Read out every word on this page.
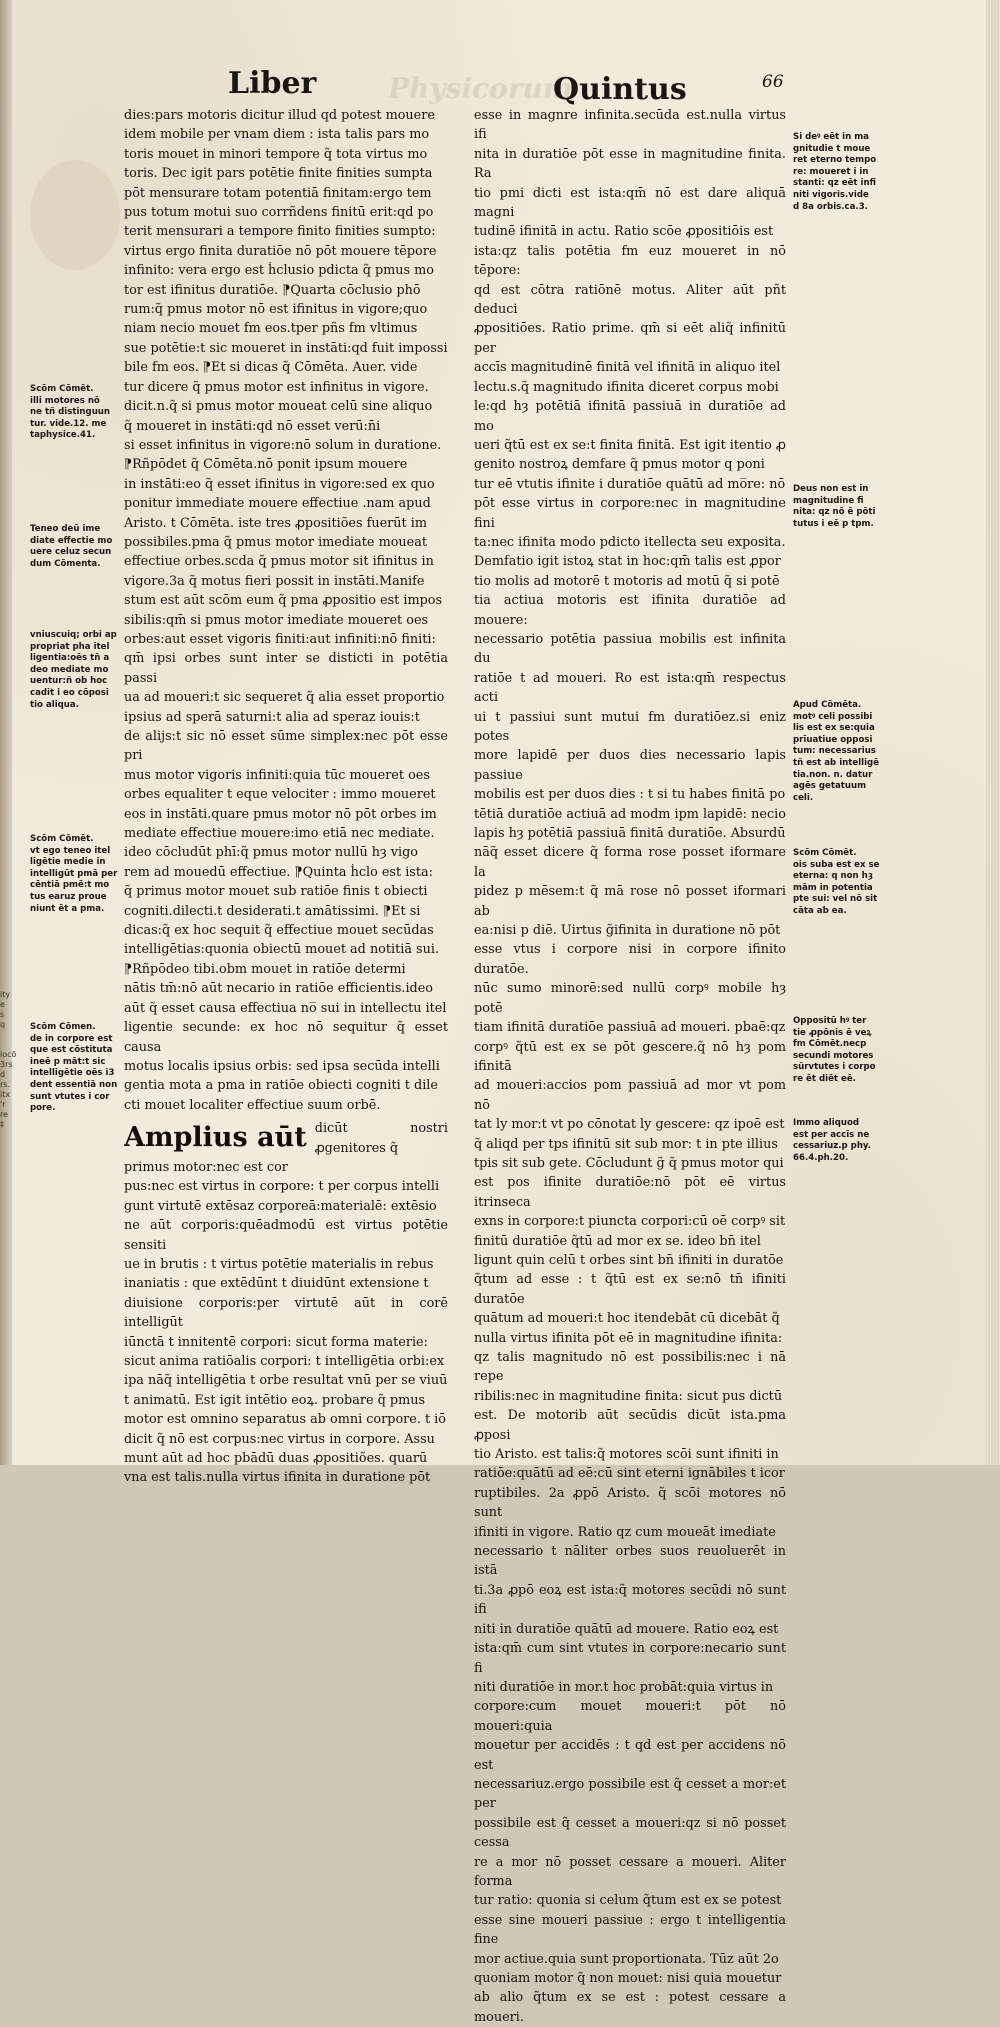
Physicorum
Liber	Quintus	66

dies:pars motoris dicitur illud qd potest mouere
idem mobile per vnam diem : ista talis pars mo
toris mouet in minori tempore q̃ tota virtus mo
toris. Dec igit pars potētie finite finities sumpta
pōt mensurare totam potentiā finitam:ergo tem
pus totum motui suo corrñdens finitū erit:qd po
terit mensurari a tempore finito finities sumpto:
virtus ergo finita duratiōe nō pōt mouere tēpore
infinito: vera ergo est ḣclusio pdicta q̃ pmus mo
tor est ifinitus duratiōe. ⁋Quarta cōclusio phō
rum:q̃ pmus motor nō est ifinitus in vigore;quo
niam necio mouet fm eos.tper pñs fm vltimus
sue potētie:t sic moueret in instāti:qd fuit impossi
bile fm eos. ⁋Et si dicas q̃ Cōmēta. Auer. vide
tur dicere q̃ pmus motor est infinitus in vigore.
dicit.n.q̃ si pmus motor moueat celū sine aliquo
q̃ moueret in instāti:qd nō esset verū:n̄i
si esset infinitus in vigore:nō solum in duratione.
⁋Rñpōdet q̃ Cōmēta.nō ponit ipsum mouere
in instāti:eo q̃ esset ifinitus in vigore:sed ex quo
ponitur immediate mouere effectiue .nam apud
Aristo. t Cōmēta. iste tres ꝓpositiões fuerūt im
possibiles.pma q̃ pmus motor imediate moueat
effectiue orbes.scda q̃ pmus motor sit ifinitus in
vigore.3a q̃ motus fieri possit in instāti.Manife
stum est aūt scōm eum q̃ pma ꝓpositio est impos
sibilis:qm̄ si pmus motor imediate moueret oes
orbes:aut esset vigoris finiti:aut infiniti:nō finiti:
qm̄ ipsi orbes sunt inter se disticti in potētia passi
ua ad moueri:t sic sequeret q̃ alia esset proportio
ipsius ad sperā saturni:t alia ad speraz iouis:t
de alijs:t sic nō esset sūme simplex:nec pōt esse pri
mus motor vigoris infiniti:quia tūc moueret oes
orbes equaliter t eque velociter : immo moueret
eos in instāti.quare pmus motor nō pōt orbes im
mediate effectiue mouere:imo etiā nec mediate.
ideo cōcludūt phī:q̃ pmus motor nullū hȝ vigo
rem ad mouedū effectiue. ⁋Quinta ḣclo est ista:
q̃ primus motor mouet sub ratiōe finis t obiecti
cogniti.dilecti.t desiderati.t amātissimi. ⁋Et si
dicas:q̃ ex hoc sequit q̃ effectiue mouet secūdas
intelligētias:quonia obiectū mouet ad notitiā sui.
⁋Rñpōdeo tibi.obm mouet in ratiōe determi
nātis tm̄:nō aūt necario in ratiōe efficientis.ideo
aūt q̃ esset causa effectiua no̅ sui in intellectu itel
ligentie secunde: ex hoc nō sequitur q̃ esset causa
motus localis ipsius orbis: sed ipsa secūda intelli
gentia mota a pma in ratiōe obiecti cogniti t dile
cti mouet localiter effectiue suum orbē.

Amplius aūt dicūt nostri ꝓgenitores q̃
primus motor:nec est cor

pus:nec est virtus in corpore: t per corpus intelli
gunt virtutē extēsaz corporeā:materialē: extēsio
ne aūt corporis:quēadmodū est virtus potētie sensiti
ue in brutis : t virtus potētie materialis in rebus
inaniatis : que extēdūnt t diuidūnt extensione t
diuisione corporis:per virtutē aūt in corē intelligūt
iūnctā t innitentē corpori: sicut forma materie:
sicut anima ratiōalis corpori: t intelligētia orbi:ex
ipa nāq̃ intelligētia t orbe resultat vnū per se viuū
t animatū. Est igit intētio eoꝝ. probare q̃ pmus
motor est omnino separatus ab omni corpore. t iō
dicit q̃ nō est corpus:nec virtus in corpore. Assu
munt aūt ad hoc pbādū duas ꝓpositiões. quarū
vna est talis.nulla virtus ifinita in duratione pōt

esse in magnre infinita.secūda est.nulla virtus ifi
nita in duratiōe pōt esse in magnitudine finita. Ra
tio pmi dicti est ista:qm̄ nō est dare aliquā magni
tudinē ifinitā in actu. Ratio scōe ꝓpositiōis est
ista:qz talis potētia fm euz moueret in nō tēpore:
qd est cōtra ratiōnē motus. Aliter aūt pñt deduci
ꝓpositiōes. Ratio prime. qm̄ si eēt aliq̃ infinitū per
accīs magnitudinē finitā vel ifinitā in aliquo itel
lectu.s.q̃ magnitudo ifinita diceret corpus mobi
le:qd hȝ potētiā ifinitā passiuā in duratiōe ad mo
ueri q̃tū est ex se:t finita finitā. Est igit itentio ꝓ
genito nostroꝝ demfare q̃ pmus motor q poni
tur eē vtutis ifinite i duratiōe quātū ad mo̅re: nō
pōt esse virtus in corpore:nec in magnitudine fini
ta:nec ifinita modo pdicto itellecta seu exposita.
Demfatio igit istoꝝ stat in hoc:qm̄ talis est ꝓpor
tio molis ad motorē t motoris ad motū q̃ si potē
tia actiua motoris est ifinita duratiōe ad mouere:
necessario potētia passiua mobilis est infinita du
ratiōe t ad moueri. Ro est ista:qm̄ respectus acti
ui t passiui sunt mutui fm duratiōez.si eniz potes
more lapidē per duos dies necessario lapis passiue
mobilis est per duos dies : t si tu habes finitā po
tētiā duratiōe actiuā ad modm ipm lapidē: necio
lapis hȝ potētiā passiuā finitā duratiōe. Absurdū
nāq̃ esset dicere q̃ forma rose posset iformare la
pidez p mēsem:t q̃ mā rose nō posset iformari ab
ea:nisi p diē. Uirtus g̃ifinita in duratione nō pōt
esse vtus i corpore nisi in corpore ifinito duratōe.
nūc sumo minorē:sed nullū corpꝰ mobile hȝ potē
tiam ifinitā duratiōe passiuā ad moueri. pbaē:qz
corpꝰ q̃tū est ex se pōt gescere.q̃ nō hȝ pom ifinitā
ad moueri:accios pom passiuā ad mor vt pom nō
tat ly mor:t vt po cōnotat ly gescere: qz ipoē est
q̃ aliqd per tps ifinitū sit sub mor: t in pte illius
tpis sit sub gete. Cōcludunt g̃ q̃ pmus motor qui
est pos ifinite duratiōe:nō pōt eē virtus itrinseca
exns in corpore:t piuncta corpori:cū oē corpꝰ sit
finitū duratiōe q̃tū ad mor ex se. ideo bn̄ itel
ligunt quin celū t orbes sint bn̄ ifiniti in duratōe
q̃tum ad esse : t q̃tū est ex se:nō tn̄ ifiniti duratōe
quātum ad moueri:t hoc itendebāt cū dicebāt q̃
nulla virtus ifinita pōt eē in magnitudine ifinita:
qz talis magnitudo nō est possibilis:nec i nā repe
ribilis:nec in magnitudine finita: sicut pus dictū
est. De motorib aūt secūdis dicūt ista.pma ꝓposi
tio Aristo. est talis:q̃ motores scōi sunt ifiniti in
ratiōe:quātū ad eē:cū sint eterni ignābiles t icor
ruptibiles. 2a ꝓpō Aristo. q̃ scōi motores nō sunt
ifiniti in vigore. Ratio qz cum moueāt imediate
necessario t nāliter orbes suos reuoluerēt in istā
ti.3a ꝓpō eoꝝ est ista:q̃ motores secūdi nō sunt ifi
niti in duratiōe quātū ad mouere. Ratio eoꝝ est
ista:qm̄ cum sint vtutes in corpore:necario sunt fi
niti duratiōe in mor.t hoc probāt:quia virtus in
corpore:cum mouet moueri:t pōt nō moueri:quia
mouetur per accidēs : t qd est per accidens nō est
necessariuz.ergo possibile est q̃ cesset a mor:et per
possibile est q̃ cesset a moueri:qz si nō posset cessa
re a mor nō posset cessare a moueri. Aliter forma
tur ratio: quonia si celum q̃tum est ex se potest
esse sine moueri passiue : ergo t intelligentia fine
mor actiue.quia sunt proportionata. Tūz aūt 2o
quoniam motor q̃ non mouet: nisi quia mouetur
ab alio q̃tum ex se est : potest cessare a moueri.

Scōm Cōmēt.
illi motores nō
ne tñ distinguun
tur. vide.12. me
taphysice.41.
Teneo deū ime
diate effectie mo
uere celuz secun
dum Cōmenta.
vniuscuiq; orbi ap
propriat pha itel
ligentia:oēs tn̄ a
deo mediate mo
uentur:ñ ob hoc
cadit i eo cōposi
tio aliqua.
Scōm Cōmēt.
vt ego teneo itel
ligētie medie in
intelligūt pmā per
cēntiā pmē:t mo
tus earuz proue
niunt ēt a pma.
Scōm Cōmen.
de in corpore est
que est cōstituta
ineē p māt:t sic
intelligētie oēs i3
dent essentiā non
sunt vtutes i cor
pore.
Si deꝰ eēt in ma
gnitudie t moue
ret eterno tempo
re: moueret i in
stanti: qz eēt infi
niti vigoris.vide
d 8a orbis.ca.3.
Deus non est in
magnitudine fi
nita: qz nō ē pōti
tutus i eē p tpm.
Apud Cōmēta.
motꝰ celi possibi
lis est ex se:quia
prīuatiue opposi
tum: necessarius
tñ est ab intelligē
tia.non. n. datur
agēs getatuum
celi.
Scōm Cōmēt.
ois suba est ex se
eterna: q non hȝ
mām in potentia
pte sui: vel nō sit
cāta ab ea.
Oppositū hꝰ ter
tie ꝓpōnis ē veꝝ
fm Cōmēt.necp
secundi motores
sūrvtutes i corpo
re ēt diēt eē.
Immo aliquod
est per accīs ne
cessariuz.p phy.
66.4.ph.20.
ity
e
s
q

locō
3rs
d
rs.
itx
'r
re
‡
